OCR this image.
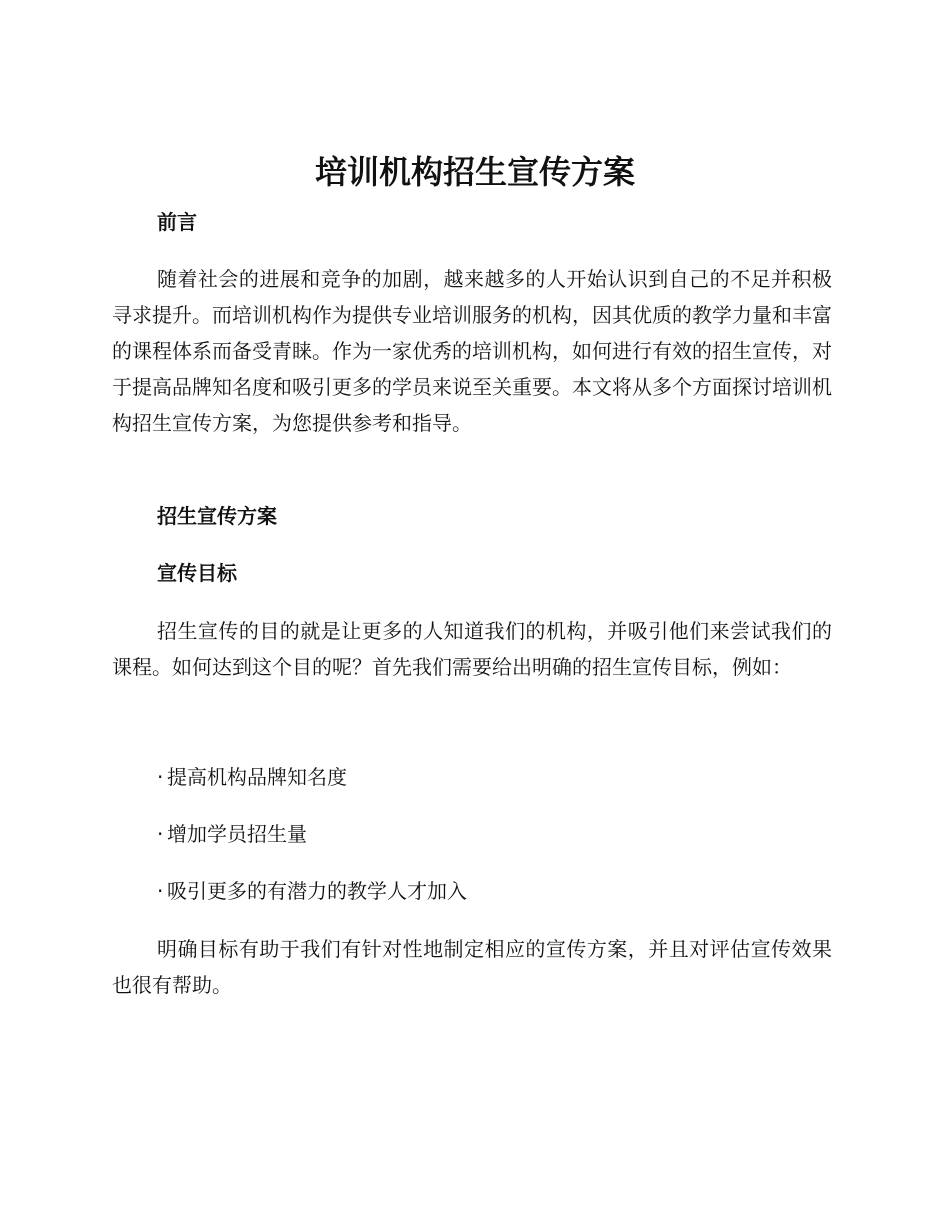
培训机构招生宣传方案
前言
随着社会的进展和竞争的加剧，越来越多的人开始认识到自己的不足并积极寻求提升。而培训机构作为提供专业培训服务的机构，因其优质的教学力量和丰富的课程体系而备受青睐。作为一家优秀的培训机构，如何进行有效的招生宣传，对于提高品牌知名度和吸引更多的学员来说至关重要。本文将从多个方面探讨培训机构招生宣传方案，为您提供参考和指导。
招生宣传方案
宣传目标
招生宣传的目的就是让更多的人知道我们的机构，并吸引他们来尝试我们的课程。如何达到这个目的呢？首先我们需要给出明确的招生宣传目标，例如：
· 提高机构品牌知名度
· 增加学员招生量
· 吸引更多的有潜力的教学人才加入
明确目标有助于我们有针对性地制定相应的宣传方案，并且对评估宣传效果也很有帮助。
